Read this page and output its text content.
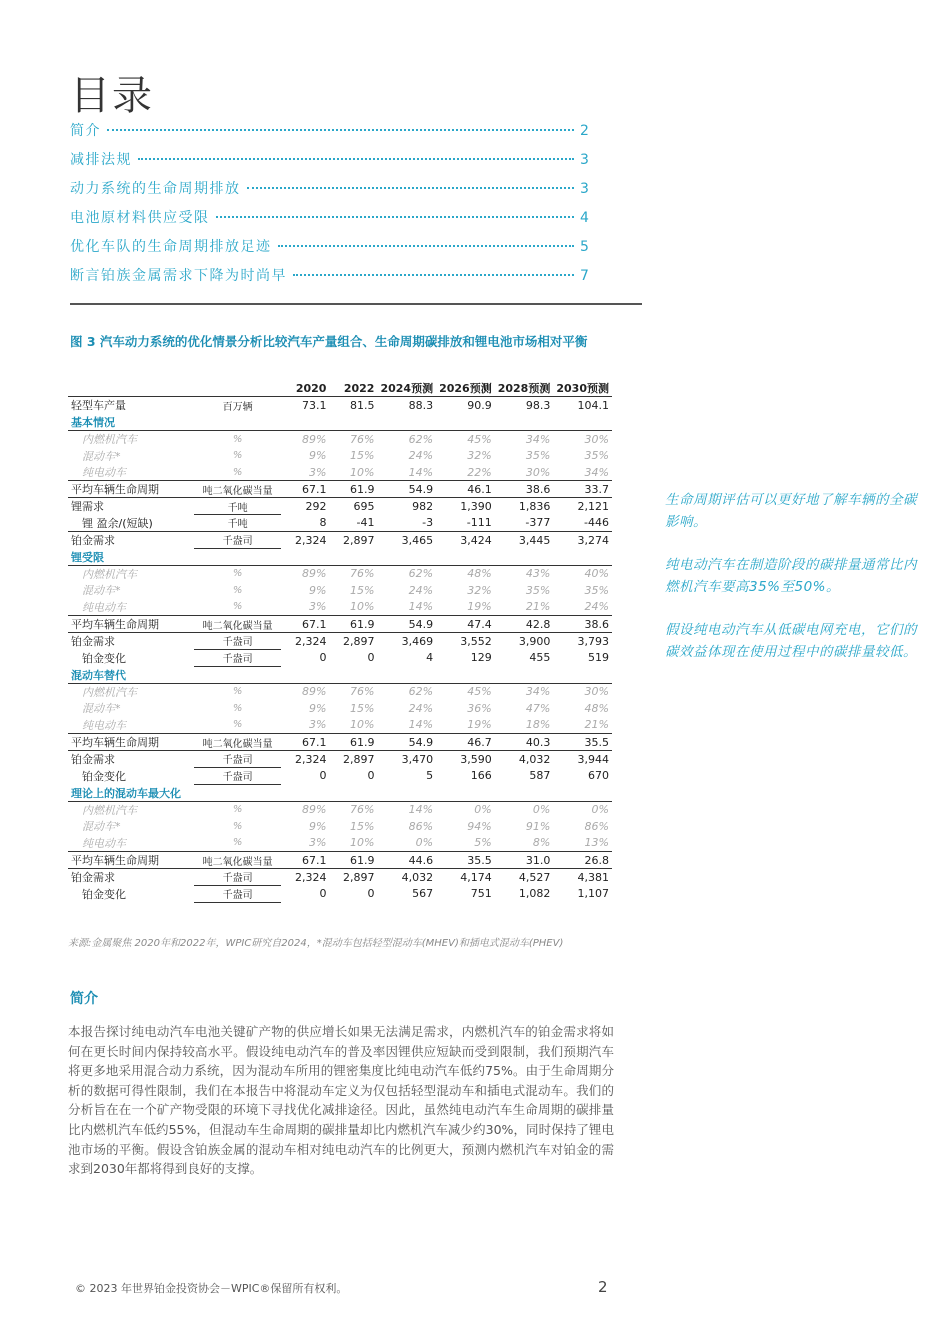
目录
简介	2
减排法规	3
动力系统的生命周期排放	3
电池原材料供应受限	4
优化车队的生命周期排放足迹	5
断言铂族金属需求下降为时尚早	7
图 3 汽车动力系统的优化情景分析比较汽车产量组合、生命周期碳排放和锂电池市场相对平衡
		2020	2022	2024预测	2026预测	2028预测	2030预测
轻型车产量	百万辆	73.1	81.5	88.3	90.9	98.3	104.1
基本情况							
内燃机汽车	%	89%	76%	62%	45%	34%	30%
混动车*	%	9%	15%	24%	32%	35%	35%
纯电动车	%	3%	10%	14%	22%	30%	34%
平均车辆生命周期	吨二氧化碳当量	67.1	61.9	54.9	46.1	38.6	33.7
锂需求	千吨	292	695	982	1,390	1,836	2,121
锂 盈余/(短缺)	千吨	8	-41	-3	-111	-377	-446
铂金需求	千盎司	2,324	2,897	3,465	3,424	3,445	3,274
锂受限							
内燃机汽车	%	89%	76%	62%	48%	43%	40%
混动车*	%	9%	15%	24%	32%	35%	35%
纯电动车	%	3%	10%	14%	19%	21%	24%
平均车辆生命周期	吨二氧化碳当量	67.1	61.9	54.9	47.4	42.8	38.6
铂金需求	千盎司	2,324	2,897	3,469	3,552	3,900	3,793
铂金变化	千盎司	0	0	4	129	455	519
混动车替代							
内燃机汽车	%	89%	76%	62%	45%	34%	30%
混动车*	%	9%	15%	24%	36%	47%	48%
纯电动车	%	3%	10%	14%	19%	18%	21%
平均车辆生命周期	吨二氧化碳当量	67.1	61.9	54.9	46.7	40.3	35.5
铂金需求	千盎司	2,324	2,897	3,470	3,590	4,032	3,944
铂金变化	千盎司	0	0	5	166	587	670
理论上的混动车最大化							
内燃机汽车	%	89%	76%	14%	0%	0%	0%
混动车*	%	9%	15%	86%	94%	91%	86%
纯电动车	%	3%	10%	0%	5%	8%	13%
平均车辆生命周期	吨二氧化碳当量	67.1	61.9	44.6	35.5	31.0	26.8
铂金需求	千盎司	2,324	2,897	4,032	4,174	4,527	4,381
铂金变化	千盎司	0	0	567	751	1,082	1,107
来源:金属聚焦 2020年和2022年，WPIC研究自2024，*混动车包括轻型混动车(MHEV)和插电式混动车(PHEV)
简介
本报告探讨纯电动汽车电池关键矿产物的供应增长如果无法满足需求，内燃机汽车的铂金需求将如何在更长时间内保持较高水平。假设纯电动汽车的普及率因锂供应短缺而受到限制，我们预期汽车将更多地采用混合动力系统，因为混动车所用的锂密集度比纯电动汽车低约75%。由于生命周期分析的数据可得性限制，我们在本报告中将混动车定义为仅包括轻型混动车和插电式混动车。我们的分析旨在在一个矿产物受限的环境下寻找优化减排途径。因此，虽然纯电动汽车生命周期的碳排量比内燃机汽车低约55%，但混动车生命周期的碳排量却比内燃机汽车减少约30%，同时保持了锂电池市场的平衡。假设含铂族金属的混动车相对纯电动汽车的比例更大，预测内燃机汽车对铂金的需求到2030年都将得到良好的支撑。
生命周期评估可以更好地了解车辆的全碳影响。
纯电动汽车在制造阶段的碳排量通常比内燃机汽车要高35%至50%。
假设纯电动汽车从低碳电网充电，它们的碳效益体现在使用过程中的碳排量较低。
© 2023 年世界铂金投资协会－WPIC®保留所有权利。	2
